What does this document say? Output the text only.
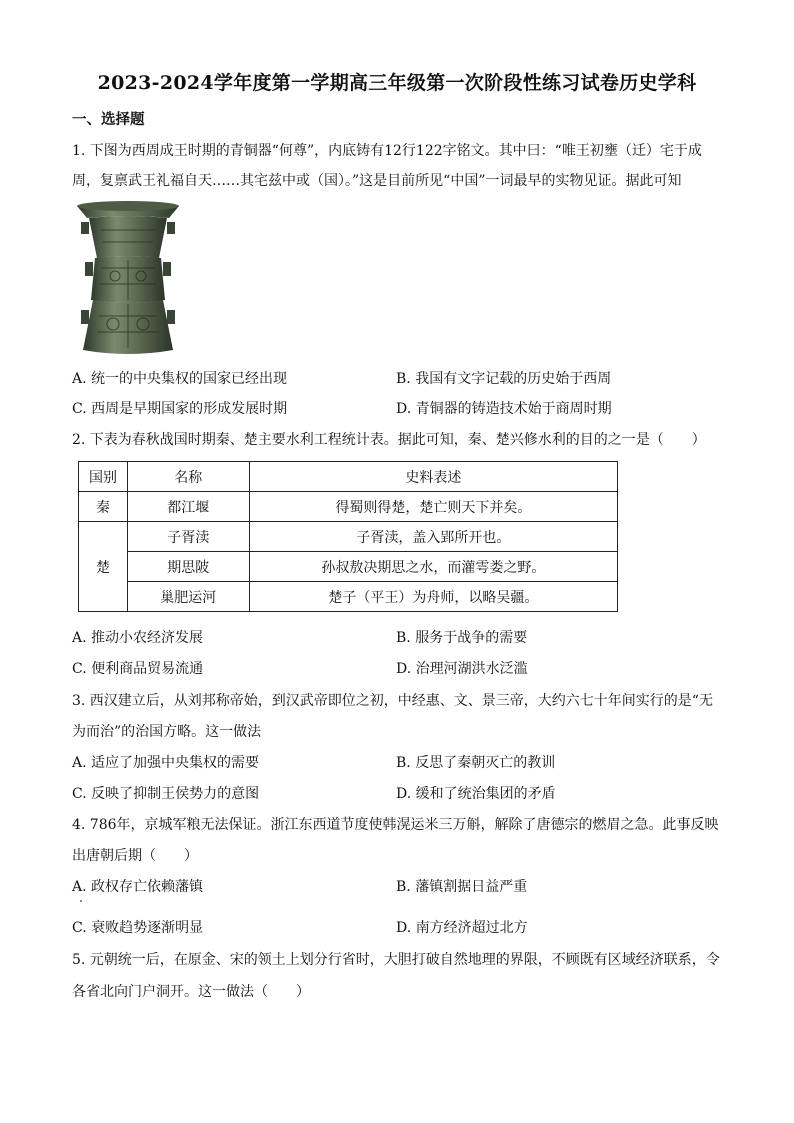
2023-2024学年度第一学期高三年级第一次阶段性练习试卷历史学科
一、选择题
1. 下图为西周成王时期的青铜器“何尊”，内底铸有12行122字铭文。其中曰：“唯王初壅（迁）宅于成
周，复禀武王礼福自天……其宅兹中或（国）。”这是目前所见“中国”一词最早的实物见证。据此可知
A. 统一的中央集权的国家已经出现	B. 我国有文字记载的历史始于西周
C. 西周是早期国家的形成发展时期	D. 青铜器的铸造技术始于商周时期
2. 下表为春秋战国时期秦、楚主要水利工程统计表。据此可知，秦、楚兴修水利的目的之一是（　　）
国别	名称	史料表述
秦	都江堰	得蜀则得楚，楚亡则天下并矣。
楚	子胥渎	子胥渎，盖入郢所开也。
	期思陂	孙叔敖决期思之水，而灌雩娄之野。
	巢肥运河	楚子（平王）为舟师，以略吴疆。
A. 推动小农经济发展	B. 服务于战争的需要
C. 便利商品贸易流通	D. 治理河湖洪水泛滥
3. 西汉建立后，从刘邦称帝始，到汉武帝即位之初，中经惠、文、景三帝，大约六七十年间实行的是“无
为而治”的治国方略。这一做法
A. 适应了加强中央集权的需要	B. 反思了秦朝灭亡的教训
C. 反映了抑制王侯势力的意图	D. 缓和了统治集团的矛盾
4. 786年，京城军粮无法保证。浙江东西道节度使韩滉运米三万斛，解除了唐德宗的燃眉之急。此事反映
出唐朝后期（　　）
A. 政权存亡依赖藩镇	B. 藩镇割据日益严重
C. 衰败趋势逐渐明显	D. 南方经济超过北方
5. 元朝统一后，在原金、宋的领土上划分行省时，大胆打破自然地理的界限，不顾既有区域经济联系，令
各省北向门户洞开。这一做法（　　）
